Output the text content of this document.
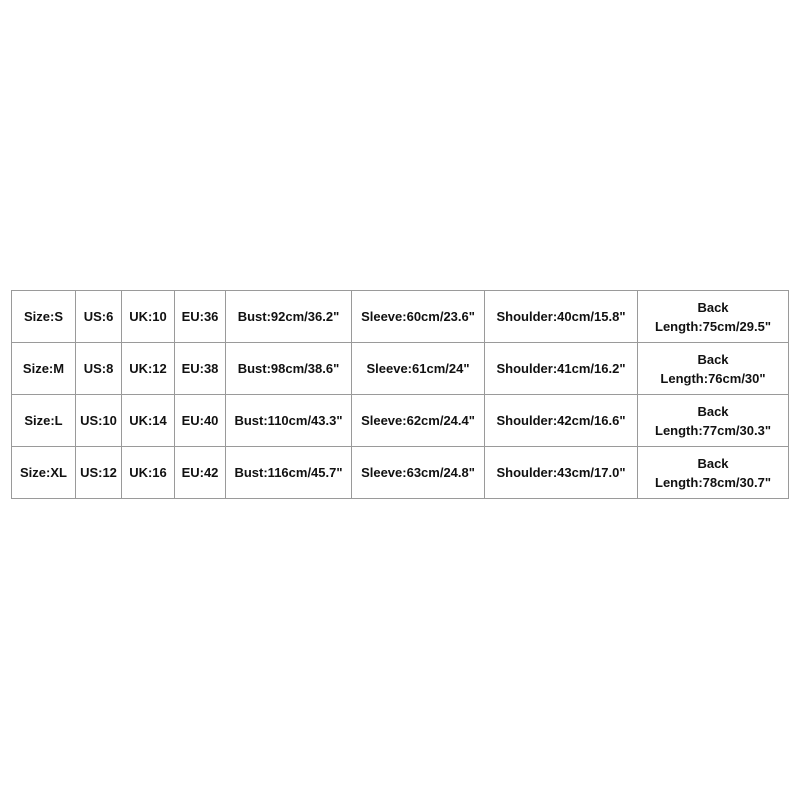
Size:S	US:6	UK:10	EU:36	Bust:92cm/36.2"	Sleeve:60cm/23.6"	Shoulder:40cm/15.8"	Back
Length:75cm/29.5"

Size:M	US:8	UK:12	EU:38	Bust:98cm/38.6"	Sleeve:61cm/24"	Shoulder:41cm/16.2"	Back
Length:76cm/30"

Size:L	US:10	UK:14	EU:40	Bust:110cm/43.3"	Sleeve:62cm/24.4"	Shoulder:42cm/16.6"	Back
Length:77cm/30.3"

Size:XL	US:12	UK:16	EU:42	Bust:116cm/45.7"	Sleeve:63cm/24.8"	Shoulder:43cm/17.0"	Back
Length:78cm/30.7"
